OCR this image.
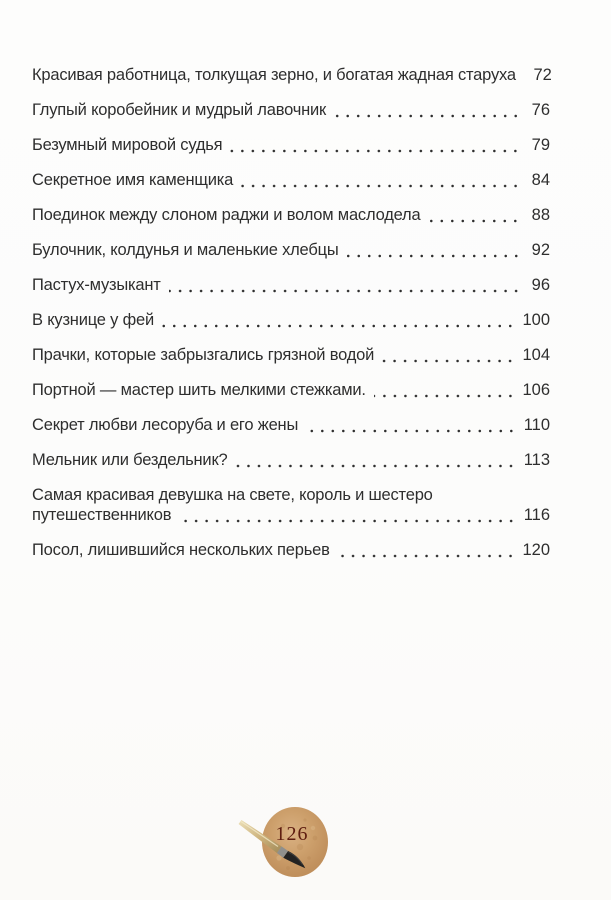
Красивая работница, толкущая зерно, и богатая жадная старуха 72
Глупый коробейник и мудрый лавочник	76
Безумный мировой судья	79
Секретное имя каменщика	84
Поединок между слоном раджи и волом маслодела	88
Булочник, колдунья и маленькие хлебцы	92
Пастух-музыкант	96
В кузнице у фей	100
Прачки, которые забрызгались грязной водой	104
Портной — мастер шить мелкими стежками.	106
Секрет любви лесоруба и его жены	110
Мельник или бездельник?	113
Самая красивая девушка на свете, король и шестеро
путешественников	116
Посол, лишившийся нескольких перьев	120
126
